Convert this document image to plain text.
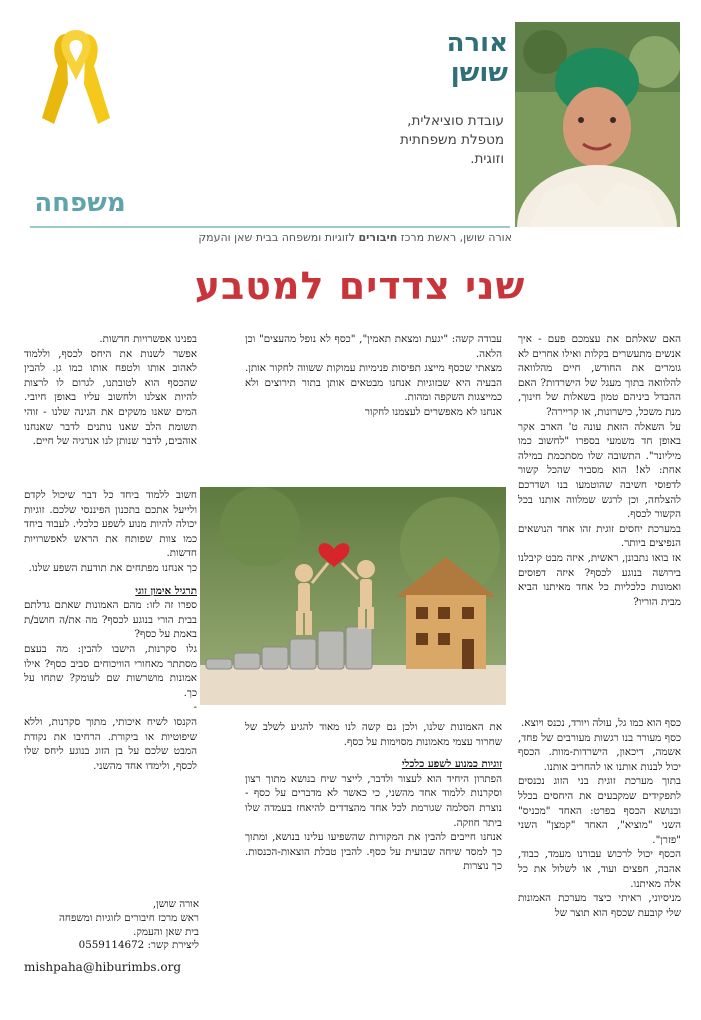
אורה שושן
עובדת סוציאלית,
מטפלת משפחתית
וזוגית.
משפחה
אורה שושן, ראשת מרכז חיבורים לזוגיות ומשפחה בבית שאן והעמק
שני צדדים למטבע

האם שאלתם את עצמכם פעם - איך אנשים מתעשרים בקלות ואילו אחרים לא גומרים את החודש, חיים מהלוואה להלוואה בתוך מעגל של הישרדות? האם ההבדל ביניהם טמון בשאלות של חינוך, מנת משכל, כישרונות, או קריירה?

על השאלה הזאת עונה ט' הארב אקר באופן חד משמעי בספרו "לחשוב כמו מיליונר". התשובה שלו מסתכמת במילה אחת: לא! הוא מסביר שהכל קשור לדפוסי חשיבה שהוטמעו בנו ושדרכם להצלחה, וכן לרגש שמלווה אותנו בכל הקשור לכסף.

במערכת יחסים זוגית זהו אחד הנושאים הנפיצים ביותר.

אז בואו נתבונן, ראשית, איזה מבט קיבלנו בירושה בנוגע לכסף? איזה דפוסים ואמונות כלכליות כל אחד מאיתנו הביא מבית הוריו?

כסף הוא כמו גל, עולה ויורד, נכנס ויוצא.

כסף מעורר בנו רגשות מעורבים של פחד, אשמה, דיכאון, הישרדות-מוות. הכסף יכול לבנות אותנו או להחריב אותנו.

בתוך מערכת זוגית בני הזוג נכנסים לתפקידים שמקבעים את היחסים בכלל ובנושא הכסף בפרט: האחד "מכניס" השני "מוציא", האחד "קמצן" השני "פזרן".

הכסף יכול לרכוש עבורנו מעמד, כבוד, אהבה, חפצים ועוד, או לשלול את כל אלה מאיתנו.

מניסיוני, ראיתי כיצד מערכת האמונות שלי קובעת שכסף הוא תוצר של

עבודה קשה: "יגעת ומצאת תאמין", "כסף לא נופל מהעצים" וכן הלאה.

מצאתי שכסף מייצג תפיסות פנימיות עמוקות ששווה לחקור אותן. הבעיה היא שבזוגיות אנחנו מבטאים אותן בתור תירוצים ולא כמייצגות השקפה ומהות.

אנחנו לא מאפשרים לעצמנו לחקור

את האמונות שלנו, ולכן גם קשה לנו מאוד להגיע לשלב של שחרור עצמי מאמונות מסוימות על כסף.

זוגיות כמנוע לשפע כלכלי

הפתרון היחיד הוא לעצור ולדבר, לייצר שיח בנושא מתוך רצון וסקרנות ללמוד אחד מהשני, כי כאשר לא מדברים על כסף - נוצרת הסלמה שגורמת לכל אחד מהצדדים להיאחז בעמדה שלו ביתר חוזקה.

אנחנו חייבים להבין את המקורות שהשפיעו עלינו בנושא, ומתוך כך למסד שיחה שבועית על כסף. להבין טבלת הוצאות-הכנסות. כך נוצרות

בפנינו אפשרויות חדשות.

אפשר לשנות את היחס לכסף, וללמוד לאהוב אותו ולטפח אותו כמו גן. להבין שהכסף הוא לטובתנו, לגרום לו לרצות להיות אצלנו ולחשוב עליו באופן חיובי. המים שאנו משקים את הגינה שלנו - זוהי תשומת הלב שאנו נותנים לדבר שאנחנו אוהבים, לדבר שנותן לנו אנרגיה של חיים.

חשוב ללמוד ביחד כל דבר שיכול לקדם ולייעל אתכם בתכנון הפיננסי שלכם. זוגיות יכולה להיות מנוע לשפע כלכלי. לעבוד ביחד כמו צוות שפותח את הראש לאפשרויות חדשות.

כך אנחנו מפתחים את תודעת השפע שלנו.

תרגיל אימון זוגי

ספרו זה לזו: מהם האמונות שאתם גדלתם בבית הורי בנוגע לכסף? מה את/ה חושב/ת באמת על כסף?

גלו סקרנות, הישבו להבין: מה בעצם מסתתר מאחורי הוויכוחים סביב כסף? אילו אמונות מושרשות שם לעומק? שתחו על כך.

-

הקנסו לשיח איכותי, מתוך סקרנות, וללא שיפוטיות או ביקורת. הרחיבו את נקודת המבט שלכם על בן הזוג בנוגע ליחס שלו לכסף, ולימדו אחד מהשני.

אורה שושן,
ראש מרכז חיבורים לזוגיות ומשפחה
בית שאן והעמק.
ליצירת קשר: 0559114672
mishpaha@hiburimbs.org
